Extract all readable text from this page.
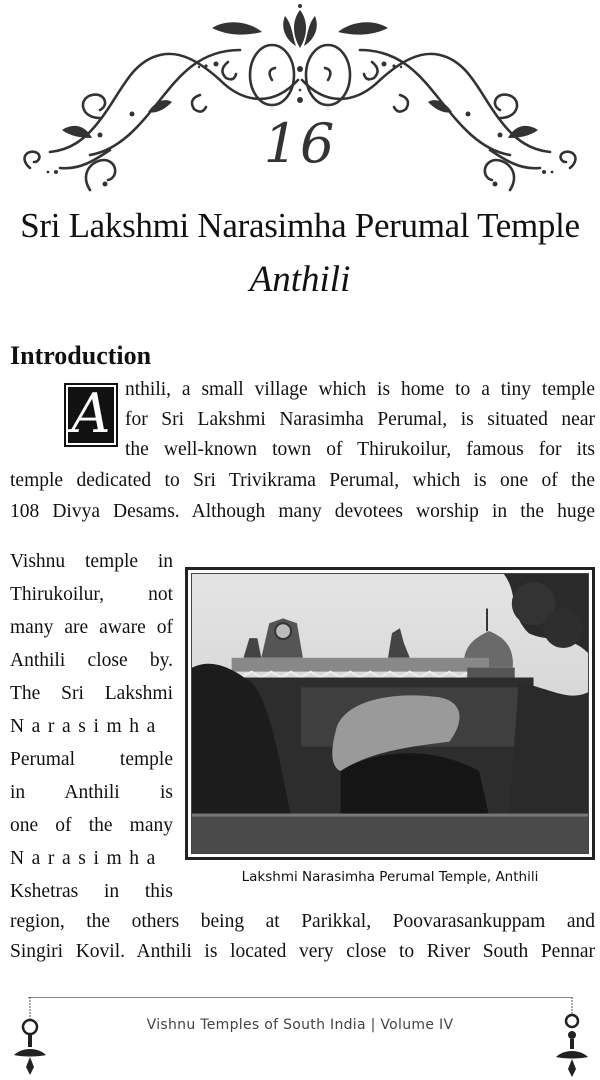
16
Sri Lakshmi Narasimha Perumal Temple
Anthili
Introduction
A nthili, a small village which is home to a tiny temple
for Sri Lakshmi Narasimha Perumal, is situated near
the well-known town of Thirukoilur, famous for its
temple dedicated to Sri Trivikrama Perumal, which is one of the
108 Divya Desams. Although many devotees worship in the huge
Vishnu temple in
Thirukoilur, not
many are aware of
Anthili close by.
The Sri Lakshmi
Narasimha
Perumal temple
in Anthili is
one of the many
Narasimha
Kshetras in this
region, the others being at Parikkal, Poovarasankuppam and
Singiri Kovil. Anthili is located very close to River South Pennar
Lakshmi Narasimha Perumal Temple, Anthili
Vishnu Temples of South India | Volume IV
